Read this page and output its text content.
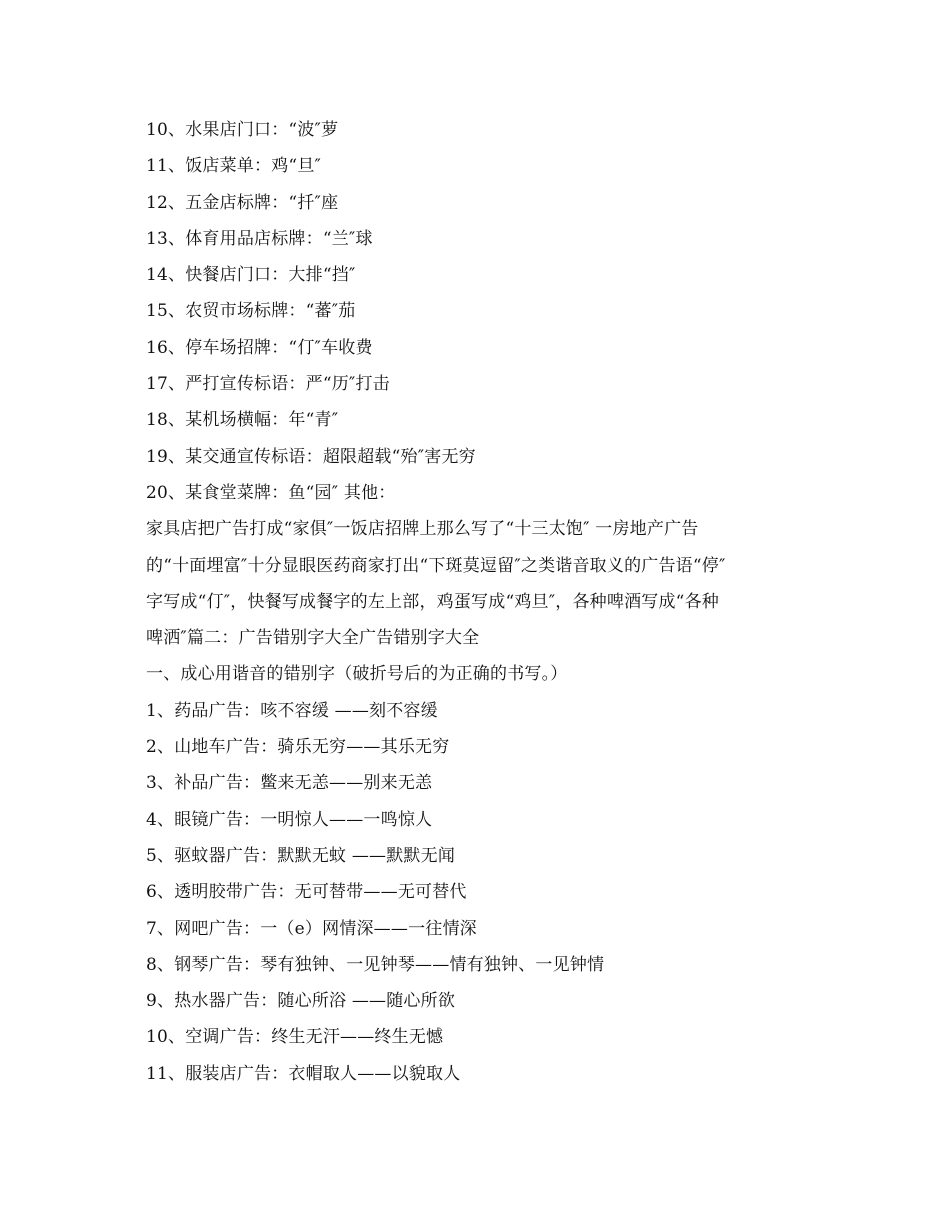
10、水果店门口：“波″萝
11、饭店菜单：鸡“旦″
12、五金店标牌：“扦″座
13、体育用品店标牌：“兰″球
14、快餐店门口：大排“挡″
15、农贸市场标牌：“蕃″茄
16、停车场招牌：“仃″车收费
17、严打宣传标语：严“历″打击
18、某机场横幅：年“青″
19、某交通宣传标语：超限超载“殆″害无穷
20、某食堂菜牌：鱼“园″ 其他：
家具店把广告打成“家俱″一饭店招牌上那么写了“十三太饱″ 一房地产广告
的“十面埋富″十分显眼医药商家打出“下斑莫逗留″之类谐音取义的广告语“停″
字写成“仃″，快餐写成餐字的左上部，鸡蛋写成“鸡旦″，各种啤酒写成“各种
啤洒″篇二：广告错别字大全广告错别字大全
一、成心用谐音的错别字（破折号后的为正确的书写。）
1、药品广告：咳不容缓 ——刻不容缓
2、山地车广告：骑乐无穷——其乐无穷
3、补品广告：鳖来无恙——别来无恙
4、眼镜广告：一明惊人——一鸣惊人
5、驱蚊器广告：默默无蚊 ——默默无闻
6、透明胶带广告：无可替带——无可替代
7、网吧广告：一（e）网情深——一往情深
8、钢琴广告：琴有独钟、一见钟琴——情有独钟、一见钟情
9、热水器广告：随心所浴 ——随心所欲
10、空调广告：终生无汗——终生无憾
11、服装店广告：衣帽取人——以貌取人
